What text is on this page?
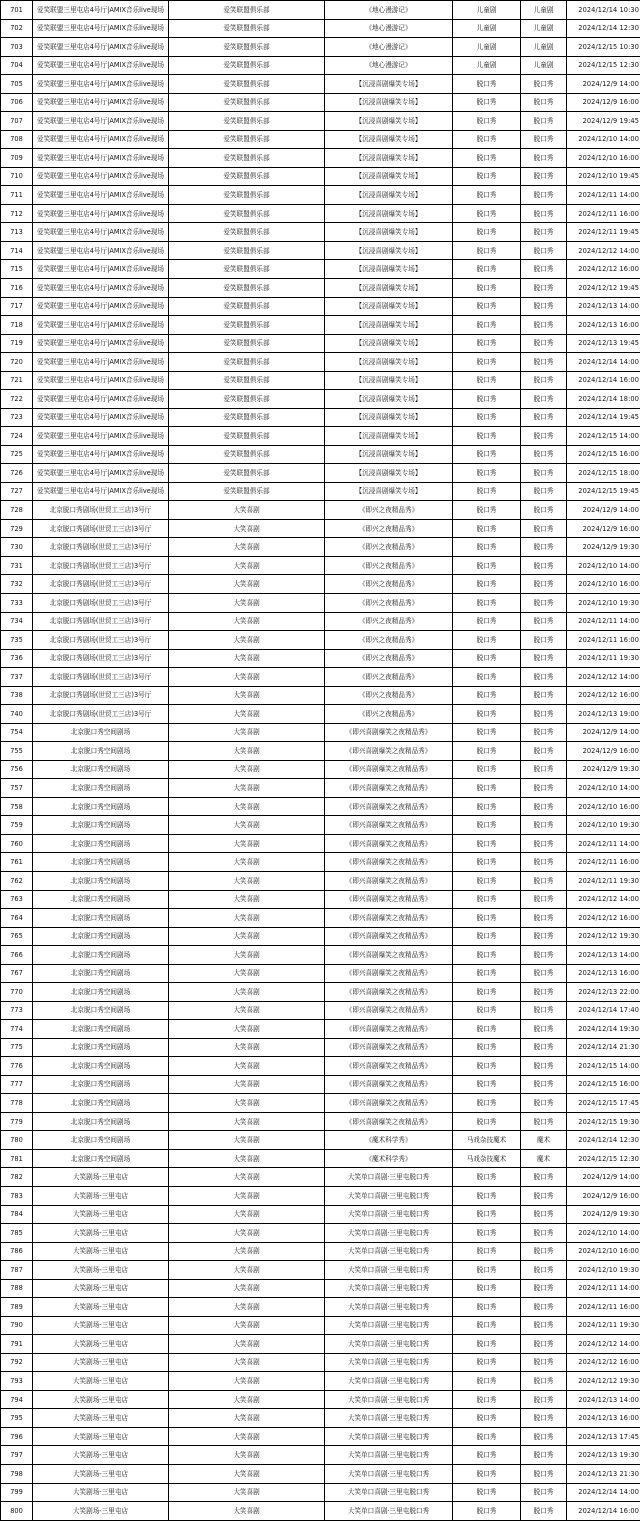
701	爱笑联盟三里屯店4号厅|AMIX音乐live现场	爱笑联盟俱乐部	《地心漫游记》	儿童剧	儿童剧	2024/12/14 10:30
702	爱笑联盟三里屯店4号厅|AMIX音乐live现场	爱笑联盟俱乐部	《地心漫游记》	儿童剧	儿童剧	2024/12/14 12:30
703	爱笑联盟三里屯店4号厅|AMIX音乐live现场	爱笑联盟俱乐部	《地心漫游记》	儿童剧	儿童剧	2024/12/15 10:30
704	爱笑联盟三里屯店4号厅|AMIX音乐live现场	爱笑联盟俱乐部	《地心漫游记》	儿童剧	儿童剧	2024/12/15 12:30
705	爱笑联盟三里屯店4号厅|AMIX音乐live现场	爱笑联盟俱乐部	【沉浸喜剧爆笑专场】	脱口秀	脱口秀	2024/12/9 14:00
706	爱笑联盟三里屯店4号厅|AMIX音乐live现场	爱笑联盟俱乐部	【沉浸喜剧爆笑专场】	脱口秀	脱口秀	2024/12/9 16:00
707	爱笑联盟三里屯店4号厅|AMIX音乐live现场	爱笑联盟俱乐部	【沉浸喜剧爆笑专场】	脱口秀	脱口秀	2024/12/9 19:45
708	爱笑联盟三里屯店4号厅|AMIX音乐live现场	爱笑联盟俱乐部	【沉浸喜剧爆笑专场】	脱口秀	脱口秀	2024/12/10 14:00
709	爱笑联盟三里屯店4号厅|AMIX音乐live现场	爱笑联盟俱乐部	【沉浸喜剧爆笑专场】	脱口秀	脱口秀	2024/12/10 16:00
710	爱笑联盟三里屯店4号厅|AMIX音乐live现场	爱笑联盟俱乐部	【沉浸喜剧爆笑专场】	脱口秀	脱口秀	2024/12/10 19:45
711	爱笑联盟三里屯店4号厅|AMIX音乐live现场	爱笑联盟俱乐部	【沉浸喜剧爆笑专场】	脱口秀	脱口秀	2024/12/11 14:00
712	爱笑联盟三里屯店4号厅|AMIX音乐live现场	爱笑联盟俱乐部	【沉浸喜剧爆笑专场】	脱口秀	脱口秀	2024/12/11 16:00
713	爱笑联盟三里屯店4号厅|AMIX音乐live现场	爱笑联盟俱乐部	【沉浸喜剧爆笑专场】	脱口秀	脱口秀	2024/12/11 19:45
714	爱笑联盟三里屯店4号厅|AMIX音乐live现场	爱笑联盟俱乐部	【沉浸喜剧爆笑专场】	脱口秀	脱口秀	2024/12/12 14:00
715	爱笑联盟三里屯店4号厅|AMIX音乐live现场	爱笑联盟俱乐部	【沉浸喜剧爆笑专场】	脱口秀	脱口秀	2024/12/12 16:00
716	爱笑联盟三里屯店4号厅|AMIX音乐live现场	爱笑联盟俱乐部	【沉浸喜剧爆笑专场】	脱口秀	脱口秀	2024/12/12 19:45
717	爱笑联盟三里屯店4号厅|AMIX音乐live现场	爱笑联盟俱乐部	【沉浸喜剧爆笑专场】	脱口秀	脱口秀	2024/12/13 14:00
718	爱笑联盟三里屯店4号厅|AMIX音乐live现场	爱笑联盟俱乐部	【沉浸喜剧爆笑专场】	脱口秀	脱口秀	2024/12/13 16:00
719	爱笑联盟三里屯店4号厅|AMIX音乐live现场	爱笑联盟俱乐部	【沉浸喜剧爆笑专场】	脱口秀	脱口秀	2024/12/13 19:45
720	爱笑联盟三里屯店4号厅|AMIX音乐live现场	爱笑联盟俱乐部	【沉浸喜剧爆笑专场】	脱口秀	脱口秀	2024/12/14 14:00
721	爱笑联盟三里屯店4号厅|AMIX音乐live现场	爱笑联盟俱乐部	【沉浸喜剧爆笑专场】	脱口秀	脱口秀	2024/12/14 16:00
722	爱笑联盟三里屯店4号厅|AMIX音乐live现场	爱笑联盟俱乐部	【沉浸喜剧爆笑专场】	脱口秀	脱口秀	2024/12/14 18:00
723	爱笑联盟三里屯店4号厅|AMIX音乐live现场	爱笑联盟俱乐部	【沉浸喜剧爆笑专场】	脱口秀	脱口秀	2024/12/14 19:45
724	爱笑联盟三里屯店4号厅|AMIX音乐live现场	爱笑联盟俱乐部	【沉浸喜剧爆笑专场】	脱口秀	脱口秀	2024/12/15 14:00
725	爱笑联盟三里屯店4号厅|AMIX音乐live现场	爱笑联盟俱乐部	【沉浸喜剧爆笑专场】	脱口秀	脱口秀	2024/12/15 16:00
726	爱笑联盟三里屯店4号厅|AMIX音乐live现场	爱笑联盟俱乐部	【沉浸喜剧爆笑专场】	脱口秀	脱口秀	2024/12/15 18:00
727	爱笑联盟三里屯店4号厅|AMIX音乐live现场	爱笑联盟俱乐部	【沉浸喜剧爆笑专场】	脱口秀	脱口秀	2024/12/15 19:45
728	北京脱口秀剧场(世贸工三店)3号厅	大笑喜剧	《即兴之夜精品秀》	脱口秀	脱口秀	2024/12/9 14:00
729	北京脱口秀剧场(世贸工三店)3号厅	大笑喜剧	《即兴之夜精品秀》	脱口秀	脱口秀	2024/12/9 16:00
730	北京脱口秀剧场(世贸工三店)3号厅	大笑喜剧	《即兴之夜精品秀》	脱口秀	脱口秀	2024/12/9 19:30
731	北京脱口秀剧场(世贸工三店)3号厅	大笑喜剧	《即兴之夜精品秀》	脱口秀	脱口秀	2024/12/10 14:00
732	北京脱口秀剧场(世贸工三店)3号厅	大笑喜剧	《即兴之夜精品秀》	脱口秀	脱口秀	2024/12/10 16:00
733	北京脱口秀剧场(世贸工三店)3号厅	大笑喜剧	《即兴之夜精品秀》	脱口秀	脱口秀	2024/12/10 19:30
734	北京脱口秀剧场(世贸工三店)3号厅	大笑喜剧	《即兴之夜精品秀》	脱口秀	脱口秀	2024/12/11 14:00
735	北京脱口秀剧场(世贸工三店)3号厅	大笑喜剧	《即兴之夜精品秀》	脱口秀	脱口秀	2024/12/11 16:00
736	北京脱口秀剧场(世贸工三店)3号厅	大笑喜剧	《即兴之夜精品秀》	脱口秀	脱口秀	2024/12/11 19:30
737	北京脱口秀剧场(世贸工三店)3号厅	大笑喜剧	《即兴之夜精品秀》	脱口秀	脱口秀	2024/12/12 14:00
738	北京脱口秀剧场(世贸工三店)3号厅	大笑喜剧	《即兴之夜精品秀》	脱口秀	脱口秀	2024/12/12 16:00
740	北京脱口秀剧场(世贸工三店)3号厅	大笑喜剧	《即兴之夜精品秀》	脱口秀	脱口秀	2024/12/13 19:00
754	北京脱口秀空间剧场	大笑喜剧	《即兴喜剧爆笑之夜精品秀》	脱口秀	脱口秀	2024/12/9 14:00
755	北京脱口秀空间剧场	大笑喜剧	《即兴喜剧爆笑之夜精品秀》	脱口秀	脱口秀	2024/12/9 16:00
756	北京脱口秀空间剧场	大笑喜剧	《即兴喜剧爆笑之夜精品秀》	脱口秀	脱口秀	2024/12/9 19:30
757	北京脱口秀空间剧场	大笑喜剧	《即兴喜剧爆笑之夜精品秀》	脱口秀	脱口秀	2024/12/10 14:00
758	北京脱口秀空间剧场	大笑喜剧	《即兴喜剧爆笑之夜精品秀》	脱口秀	脱口秀	2024/12/10 16:00
759	北京脱口秀空间剧场	大笑喜剧	《即兴喜剧爆笑之夜精品秀》	脱口秀	脱口秀	2024/12/10 19:30
760	北京脱口秀空间剧场	大笑喜剧	《即兴喜剧爆笑之夜精品秀》	脱口秀	脱口秀	2024/12/11 14:00
761	北京脱口秀空间剧场	大笑喜剧	《即兴喜剧爆笑之夜精品秀》	脱口秀	脱口秀	2024/12/11 16:00
762	北京脱口秀空间剧场	大笑喜剧	《即兴喜剧爆笑之夜精品秀》	脱口秀	脱口秀	2024/12/11 19:30
763	北京脱口秀空间剧场	大笑喜剧	《即兴喜剧爆笑之夜精品秀》	脱口秀	脱口秀	2024/12/12 14:00
764	北京脱口秀空间剧场	大笑喜剧	《即兴喜剧爆笑之夜精品秀》	脱口秀	脱口秀	2024/12/12 16:00
765	北京脱口秀空间剧场	大笑喜剧	《即兴喜剧爆笑之夜精品秀》	脱口秀	脱口秀	2024/12/12 19:30
766	北京脱口秀空间剧场	大笑喜剧	《即兴喜剧爆笑之夜精品秀》	脱口秀	脱口秀	2024/12/13 14:00
767	北京脱口秀空间剧场	大笑喜剧	《即兴喜剧爆笑之夜精品秀》	脱口秀	脱口秀	2024/12/13 16:00
770	北京脱口秀空间剧场	大笑喜剧	《即兴喜剧爆笑之夜精品秀》	脱口秀	脱口秀	2024/12/13 22:00
773	北京脱口秀空间剧场	大笑喜剧	《即兴喜剧爆笑之夜精品秀》	脱口秀	脱口秀	2024/12/14 17:40
774	北京脱口秀空间剧场	大笑喜剧	《即兴喜剧爆笑之夜精品秀》	脱口秀	脱口秀	2024/12/14 19:30
775	北京脱口秀空间剧场	大笑喜剧	《即兴喜剧爆笑之夜精品秀》	脱口秀	脱口秀	2024/12/14 21:30
776	北京脱口秀空间剧场	大笑喜剧	《即兴喜剧爆笑之夜精品秀》	脱口秀	脱口秀	2024/12/15 14:00
777	北京脱口秀空间剧场	大笑喜剧	《即兴喜剧爆笑之夜精品秀》	脱口秀	脱口秀	2024/12/15 16:00
778	北京脱口秀空间剧场	大笑喜剧	《即兴喜剧爆笑之夜精品秀》	脱口秀	脱口秀	2024/12/15 17:45
779	北京脱口秀空间剧场	大笑喜剧	《即兴喜剧爆笑之夜精品秀》	脱口秀	脱口秀	2024/12/15 19:30
780	北京脱口秀空间剧场	大笑喜剧	《魔术科学秀》	马戏杂技魔术	魔术	2024/12/14 12:30
781	北京脱口秀空间剧场	大笑喜剧	《魔术科学秀》	马戏杂技魔术	魔术	2024/12/15 12:30
782	大笑剧场-三里屯店	大笑喜剧	大笑单口喜剧·三里屯脱口秀	脱口秀	脱口秀	2024/12/9 14:00
783	大笑剧场-三里屯店	大笑喜剧	大笑单口喜剧·三里屯脱口秀	脱口秀	脱口秀	2024/12/9 16:00
784	大笑剧场-三里屯店	大笑喜剧	大笑单口喜剧·三里屯脱口秀	脱口秀	脱口秀	2024/12/9 19:30
785	大笑剧场-三里屯店	大笑喜剧	大笑单口喜剧·三里屯脱口秀	脱口秀	脱口秀	2024/12/10 14:00
786	大笑剧场-三里屯店	大笑喜剧	大笑单口喜剧·三里屯脱口秀	脱口秀	脱口秀	2024/12/10 16:00
787	大笑剧场-三里屯店	大笑喜剧	大笑单口喜剧·三里屯脱口秀	脱口秀	脱口秀	2024/12/10 19:30
788	大笑剧场-三里屯店	大笑喜剧	大笑单口喜剧·三里屯脱口秀	脱口秀	脱口秀	2024/12/11 14:00
789	大笑剧场-三里屯店	大笑喜剧	大笑单口喜剧·三里屯脱口秀	脱口秀	脱口秀	2024/12/11 16:00
790	大笑剧场-三里屯店	大笑喜剧	大笑单口喜剧·三里屯脱口秀	脱口秀	脱口秀	2024/12/11 19:30
791	大笑剧场-三里屯店	大笑喜剧	大笑单口喜剧·三里屯脱口秀	脱口秀	脱口秀	2024/12/12 14:00
792	大笑剧场-三里屯店	大笑喜剧	大笑单口喜剧·三里屯脱口秀	脱口秀	脱口秀	2024/12/12 16:00
793	大笑剧场-三里屯店	大笑喜剧	大笑单口喜剧·三里屯脱口秀	脱口秀	脱口秀	2024/12/12 19:30
794	大笑剧场-三里屯店	大笑喜剧	大笑单口喜剧·三里屯脱口秀	脱口秀	脱口秀	2024/12/13 14:00
795	大笑剧场-三里屯店	大笑喜剧	大笑单口喜剧·三里屯脱口秀	脱口秀	脱口秀	2024/12/13 16:00
796	大笑剧场-三里屯店	大笑喜剧	大笑单口喜剧·三里屯脱口秀	脱口秀	脱口秀	2024/12/13 17:45
797	大笑剧场-三里屯店	大笑喜剧	大笑单口喜剧·三里屯脱口秀	脱口秀	脱口秀	2024/12/13 19:30
798	大笑剧场-三里屯店	大笑喜剧	大笑单口喜剧·三里屯脱口秀	脱口秀	脱口秀	2024/12/13 21:30
799	大笑剧场-三里屯店	大笑喜剧	大笑单口喜剧·三里屯脱口秀	脱口秀	脱口秀	2024/12/14 14:00
800	大笑剧场-三里屯店	大笑喜剧	大笑单口喜剧·三里屯脱口秀	脱口秀	脱口秀	2024/12/14 16:00
